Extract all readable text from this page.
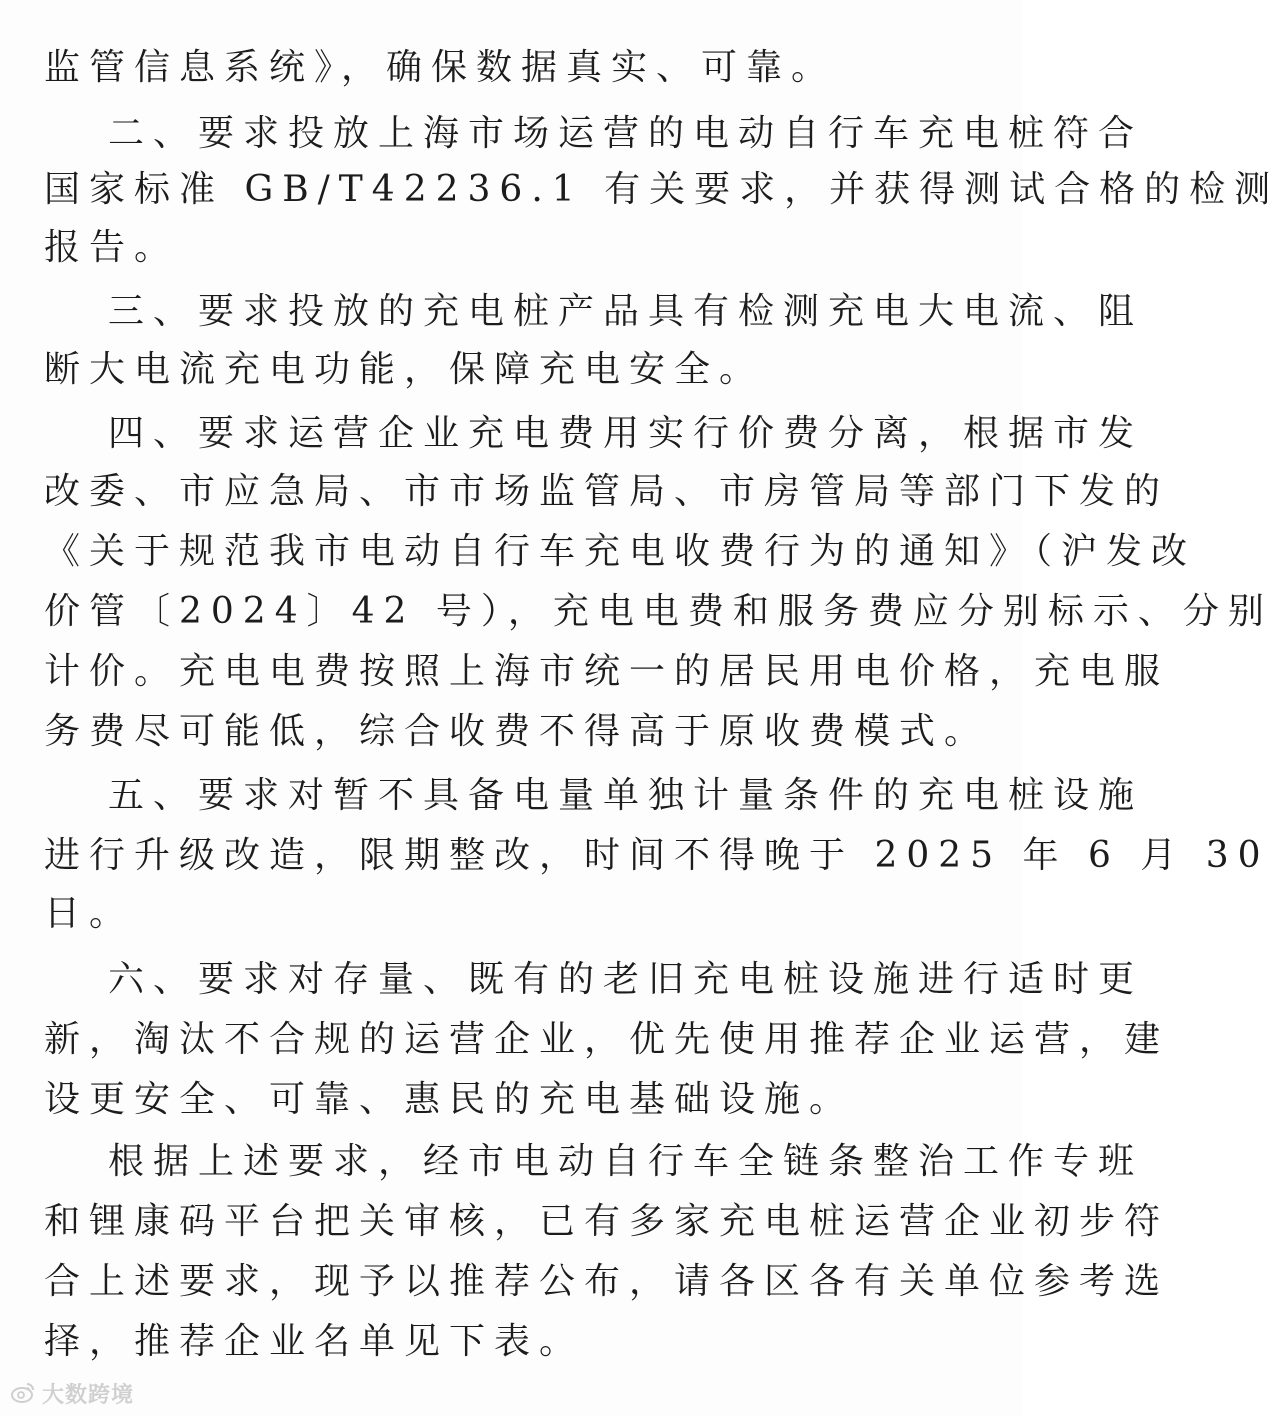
监管信息系统》，确保数据真实、可靠。
二、要求投放上海市场运营的电动自行车充电桩符合
国家标准 GB/T42236.1 有关要求，并获得测试合格的检测
报告。
三、要求投放的充电桩产品具有检测充电大电流、阻
断大电流充电功能，保障充电安全。
四、要求运营企业充电费用实行价费分离，根据市发
改委、市应急局、市市场监管局、市房管局等部门下发的
《关于规范我市电动自行车充电收费行为的通知》（沪发改
价管〔2024〕42 号），充电电费和服务费应分别标示、分别
计价。充电电费按照上海市统一的居民用电价格，充电服
务费尽可能低，综合收费不得高于原收费模式。
五、要求对暂不具备电量单独计量条件的充电桩设施
进行升级改造，限期整改，时间不得晚于 2025 年 6 月 30
日。
六、要求对存量、既有的老旧充电桩设施进行适时更
新，淘汰不合规的运营企业，优先使用推荐企业运营，建
设更安全、可靠、惠民的充电基础设施。
根据上述要求，经市电动自行车全链条整治工作专班
和锂康码平台把关审核，已有多家充电桩运营企业初步符
合上述要求，现予以推荐公布，请各区各有关单位参考选
择，推荐企业名单见下表。
大数跨境
